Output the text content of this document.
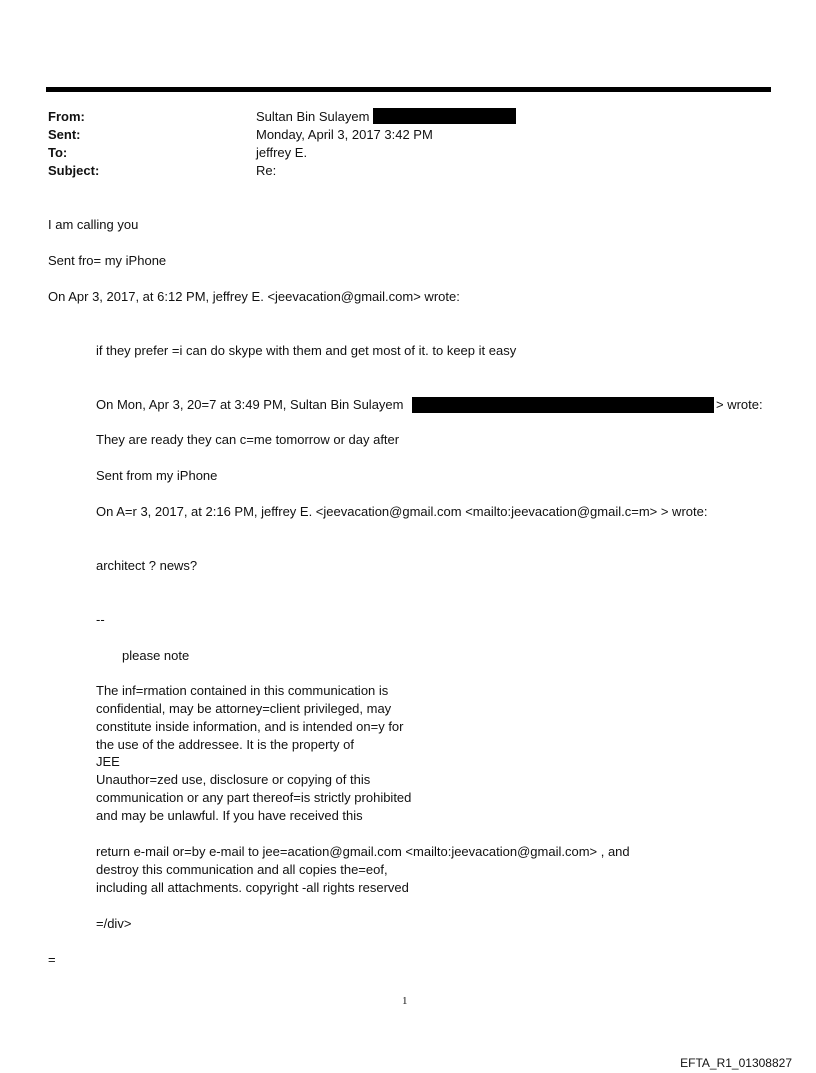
From:	Sultan Bin Sulayem
Sent:	Monday, April 3, 2017 3:42 PM
To:	jeffrey E.
Subject:	Re:
I am calling you
Sent fro= my iPhone
On Apr 3, 2017, at 6:12 PM, jeffrey E. <jeevacation@gmail.com> wrote:
if they prefer =i can do skype with them and get most of it. to keep it easy
On Mon, Apr 3, 20=7 at 3:49 PM, Sultan Bin Sulayem	> wrote:
They are ready they can c=me tomorrow or day after
Sent from my iPhone
On A=r 3, 2017, at 2:16 PM, jeffrey E. <jeevacation@gmail.com <mailto:jeevacation@gmail.c=m> > wrote:
architect ? news?
--
please note
The inf=rmation contained in this communication is
confidential, may be attorney=client privileged, may
constitute inside information, and is intended on=y for
the use of the addressee. It is the property of
JEE
Unauthor=zed use, disclosure or copying of this
communication or any part thereof=is strictly prohibited
and may be unlawful. If you have received this
return e-mail or=by e-mail to jee=acation@gmail.com <mailto:jeevacation@gmail.com> , and
destroy this communication and all copies the=eof,
including all attachments. copyright -all rights reserved
=/div>
=
1
EFTA_R1_01308827
